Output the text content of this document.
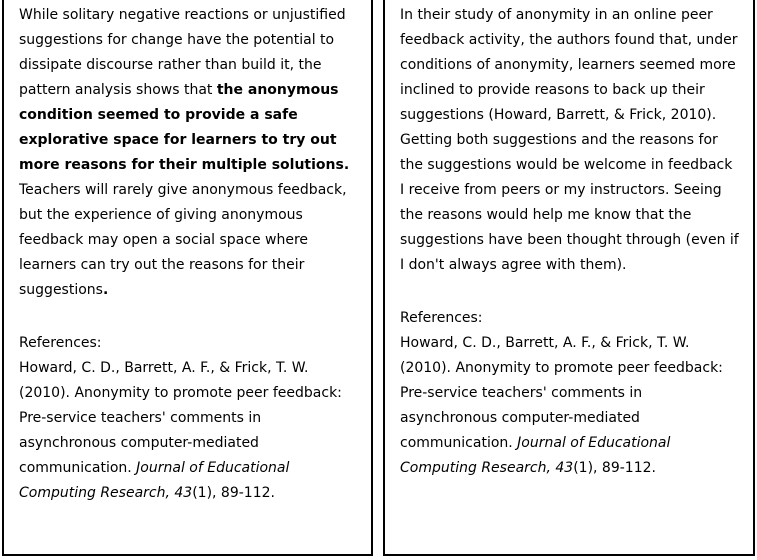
While solitary negative reactions or unjustified suggestions for change have the potential to dissipate discourse rather than build it, the pattern analysis shows that the anonymous condition seemed to provide a safe explorative space for learners to try out more reasons for their multiple solutions. Teachers will rarely give anonymous feedback, but the experience of giving anonymous feedback may open a social space where learners can try out the reasons for their suggestions.

References:

Howard, C. D., Barrett, A. F., & Frick, T. W. (2010). Anonymity to promote peer feedback: Pre-service teachers' comments in asynchronous computer-mediated communication. Journal of Educational Computing Research, 43(1), 89-112.

In their study of anonymity in an online peer feedback activity, the authors found that, under conditions of anonymity, learners seemed more inclined to provide reasons to back up their suggestions (Howard, Barrett, & Frick, 2010). Getting both suggestions and the reasons for the suggestions would be welcome in feedback I receive from peers or my instructors. Seeing the reasons would help me know that the suggestions have been thought through (even if I don't always agree with them).

References:

Howard, C. D., Barrett, A. F., & Frick, T. W. (2010). Anonymity to promote peer feedback: Pre-service teachers' comments in asynchronous computer-mediated communication. Journal of Educational Computing Research, 43(1), 89-112.
